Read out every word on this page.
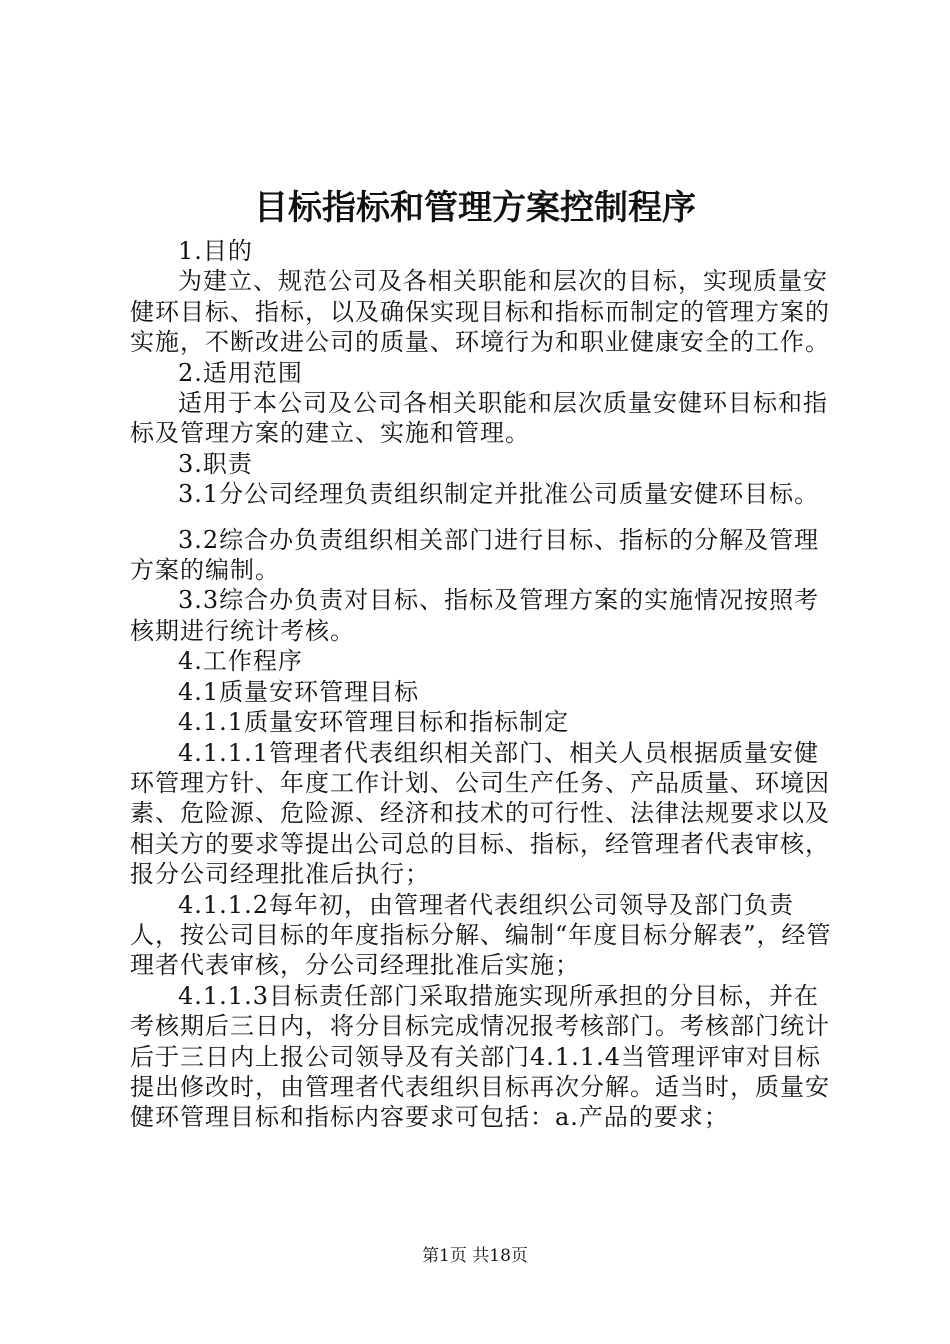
目标指标和管理方案控制程序

1.目的

为建立、规范公司及各相关职能和层次的目标，实现质量安健环目标、指标，以及确保实现目标和指标而制定的管理方案的实施，不断改进公司的质量、环境行为和职业健康安全的工作。

2.适用范围

适用于本公司及公司各相关职能和层次质量安健环目标和指标及管理方案的建立、实施和管理。

3.职责

3.1分公司经理负责组织制定并批准公司质量安健环目标。

3.2综合办负责组织相关部门进行目标、指标的分解及管理方案的编制。

3.3综合办负责对目标、指标及管理方案的实施情况按照考核期进行统计考核。

4.工作程序

4.1质量安环管理目标

4.1.1质量安环管理目标和指标制定

4.1.1.1管理者代表组织相关部门、相关人员根据质量安健环管理方针、年度工作计划、公司生产任务、产品质量、环境因素、危险源、危险源、经济和技术的可行性、法律法规要求以及相关方的要求等提出公司总的目标、指标，经管理者代表审核，报分公司经理批准后执行；

4.1.1.2每年初，由管理者代表组织公司领导及部门负责人，按公司目标的年度指标分解、编制“年度目标分解表”，经管理者代表审核，分公司经理批准后实施；

4.1.1.3目标责任部门采取措施实现所承担的分目标，并在考核期后三日内，将分目标完成情况报考核部门。考核部门统计后于三日内上报公司领导及有关部门4.1.1.4当管理评审对目标提出修改时，由管理者代表组织目标再次分解。适当时，质量安健环管理目标和指标内容要求可包括：a.产品的要求；

第1页 共18页
